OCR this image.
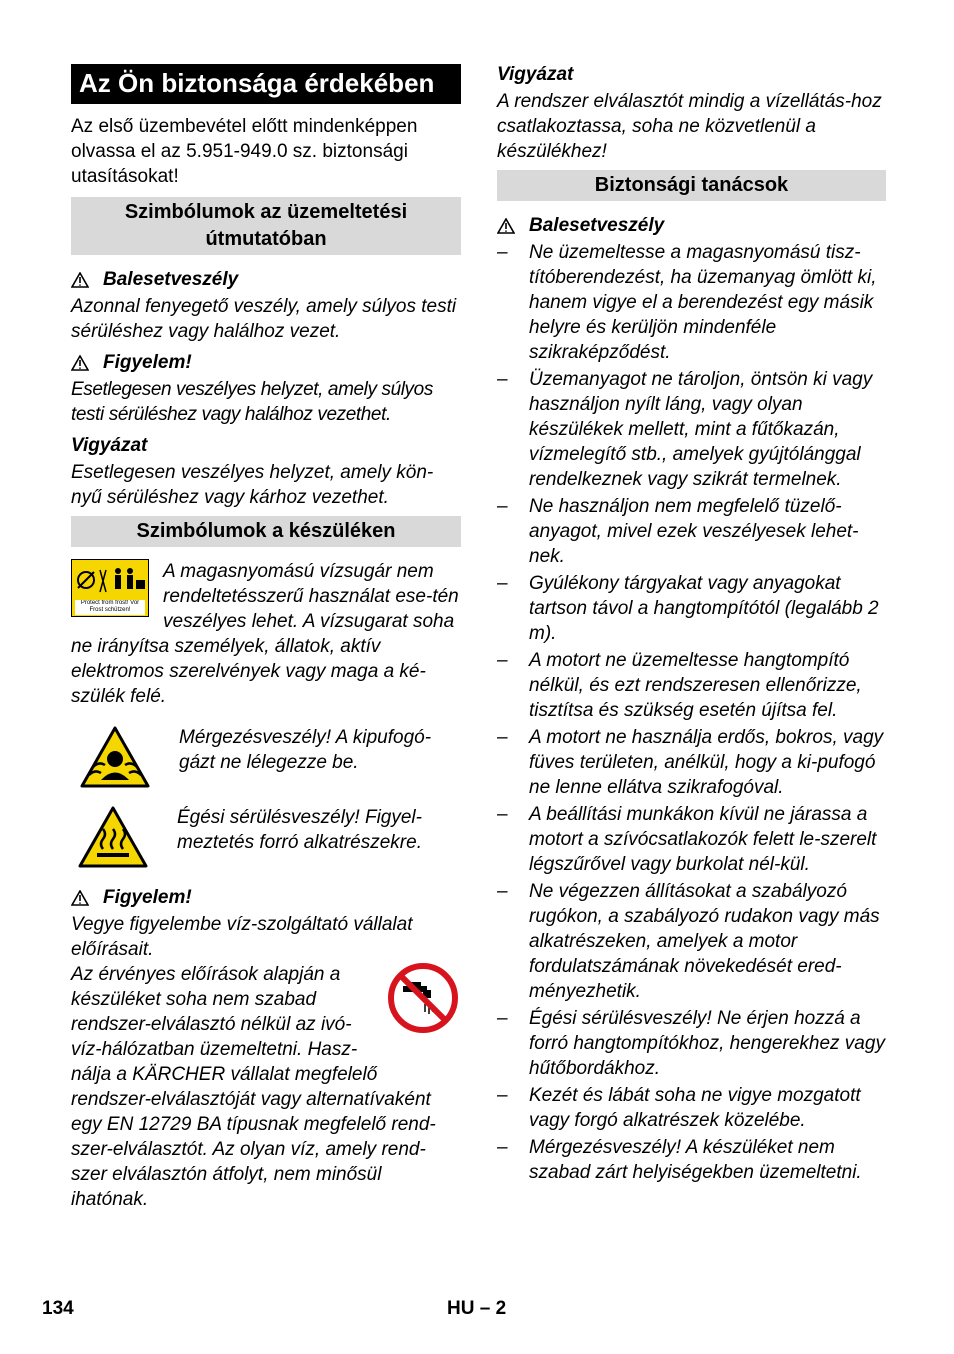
Az Ön biztonsága érdekében

Az első üzembevétel előtt mindenképpen olvassa el az 5.951-949.0 sz. biztonsági utasításokat!

Szimbólumok az üzemeltetési útmutatóban
Balesetveszély

Azonnal fenyegető veszély, amely súlyos testi sérüléshez vagy halálhoz vezet.

Figyelem!

Esetlegesen veszélyes helyzet, amely súlyos testi sérüléshez vagy halálhoz vezethet.

Vigyázat

Esetlegesen veszélyes helyzet, amely kön-nyű sérüléshez vagy kárhoz vezethet.

Szimbólumok a készüléken
Protect from frost! Vor Frost schützen!

A magasnyomású vízsugár nem rendeltetésszerű használat ese-tén veszélyes lehet. A vízsugarat soha ne irányítsa személyek, állatok, aktív elektromos szerelvények vagy maga a ké-szülék felé.

Mérgezésveszély! A kipufogó-gázt ne lélegezze be.

Égési sérülésveszély! Figyel-meztetés forró alkatrészekre.

Figyelem!

Vegye figyelembe víz-szolgáltató vállalat előírásait.

Az érvényes előírások alapján a készüléket soha nem szabad rendszer-elválasztó nélkül az ivó-víz-hálózatban üzemeltetni. Hasz-nálja a KÄRCHER vállalat megfelelő rendszer-elválasztóját vagy alternatívaként egy EN 12729 BA típusnak megfelelő rend-szer-elválasztót. Az olyan víz, amely rend-szer elválasztón átfolyt, nem minősül ihatónak.

Vigyázat

A rendszer elválasztót mindig a vízellátás-hoz csatlakoztassa, soha ne közvetlenül a készülékhez!

Biztonsági tanácsok
Balesetveszély
–	Ne üzemeltesse a magasnyomású tisz-títóberendezést, ha üzemanyag ömlött ki, hanem vigye el a berendezést egy másik helyre és kerüljön mindenféle szikraképződést.
–	Üzemanyagot ne tároljon, öntsön ki vagy használjon nyílt láng, vagy olyan készülékek mellett, mint a fűtőkazán, vízmelegítő stb., amelyek gyújtólánggal rendelkeznek vagy szikrát termelnek.
–	Ne használjon nem megfelelő tüzelő-anyagot, mivel ezek veszélyesek lehet-nek.
–	Gyúlékony tárgyakat vagy anyagokat tartson távol a hangtompítótól (legalább 2 m).
–	A motort ne üzemeltesse hangtompító nélkül, és ezt rendszeresen ellenőrizze, tisztítsa és szükség esetén újítsa fel.
–	A motort ne használja erdős, bokros, vagy füves területen, anélkül, hogy a ki-pufogó ne lenne ellátva szikrafogóval.
–	A beállítási munkákon kívül ne járassa a motort a szívócsatlakozók felett le-szerelt légszűrővel vagy burkolat nél-kül.
–	Ne végezzen állításokat a szabályozó rugókon, a szabályozó rudakon vagy más alkatrészeken, amelyek a motor fordulatszámának növekedését ered-ményezhetik.
–	Égési sérülésveszély! Ne érjen hozzá a forró hangtompítókhoz, hengerekhez vagy hűtőbordákhoz.
–	Kezét és lábát soha ne vigye mozgatott vagy forgó alkatrészek közelébe.
–	Mérgezésveszély! A készüléket nem szabad zárt helyiségekben üzemeltetni.
134	HU – 2
